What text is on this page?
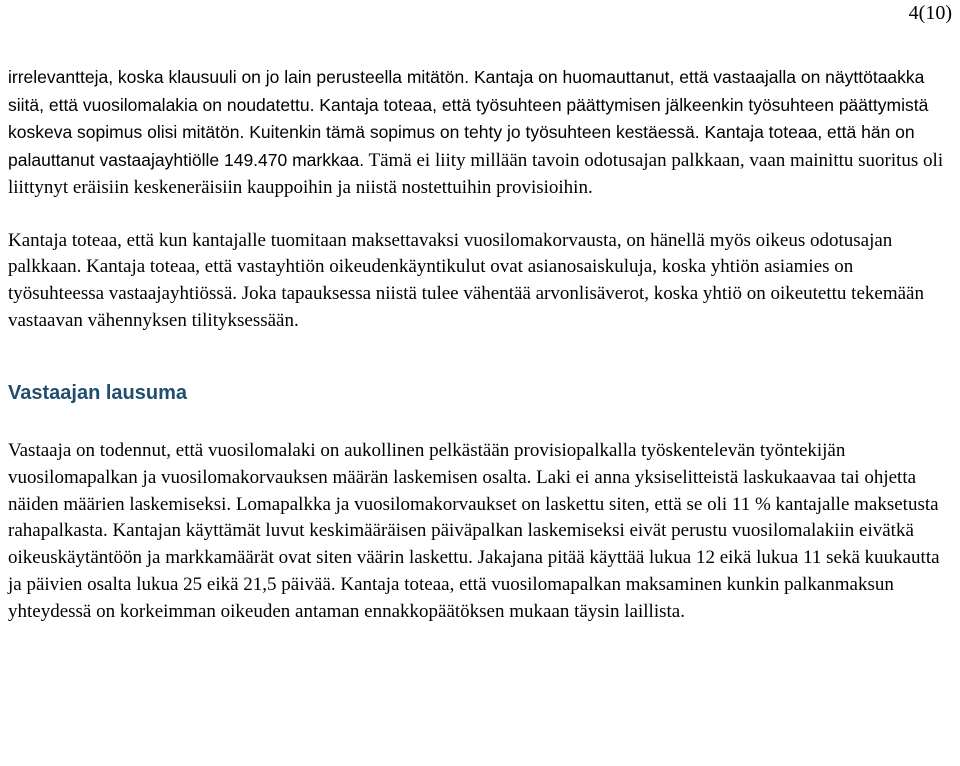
4(10)

irrelevantteja, koska klausuuli on jo lain perusteella mitätön. Kantaja on huomauttanut, että vastaajalla on näyttötaakka siitä, että vuosilomalakia on noudatettu. Kantaja toteaa, että työsuhteen päättymisen jälkeenkin työsuhteen päättymistä koskeva sopimus olisi mitätön. Kuitenkin tämä sopimus on tehty jo työsuhteen kestäessä. Kantaja toteaa, että hän on palauttanut vastaajayhtiölle 149.470 markkaa. Tämä ei liity millään tavoin odotusajan palkkaan, vaan mainittu suoritus oli liittynyt eräisiin keskeneräisiin kauppoihin ja niistä nostettuihin provisioihin.

Kantaja toteaa, että kun kantajalle tuomitaan maksettavaksi vuosilomakorvausta, on hänellä myös oikeus odotusajan palkkaan. Kantaja toteaa, että vastayhtiön oikeudenkäyntikulut ovat asianosaiskuluja, koska yhtiön asiamies on työsuhteessa vastaajayhtiössä. Joka tapauksessa niistä tulee vähentää arvonlisäverot, koska yhtiö on oikeutettu tekemään vastaavan vähennyksen tilityksessään.

Vastaajan lausuma

Vastaaja on todennut, että vuosilomalaki on aukollinen pelkästään provisiopalkalla työskentelevän työntekijän vuosilomapalkan ja vuosilomakorvauksen määrän laskemisen osalta. Laki ei anna yksiselitteistä laskukaavaa tai ohjetta näiden määrien laskemiseksi. Lomapalkka ja vuosilomakorvaukset on laskettu siten, että se oli 11 % kantajalle maksetusta rahapalkasta. Kantajan käyttämät luvut keskimääräisen päiväpalkan laskemiseksi eivät perustu vuosilomalakiin eivätkä oikeuskäytäntöön ja markkamäärät ovat siten väärin laskettu. Jakajana pitää käyttää lukua 12 eikä lukua 11 sekä kuukautta ja päivien osalta lukua 25 eikä 21,5 päivää. Kantaja toteaa, että vuosilomapalkan maksaminen kunkin palkanmaksun yhteydessä on korkeimman oikeuden antaman ennakkopäätöksen mukaan täysin laillista.
